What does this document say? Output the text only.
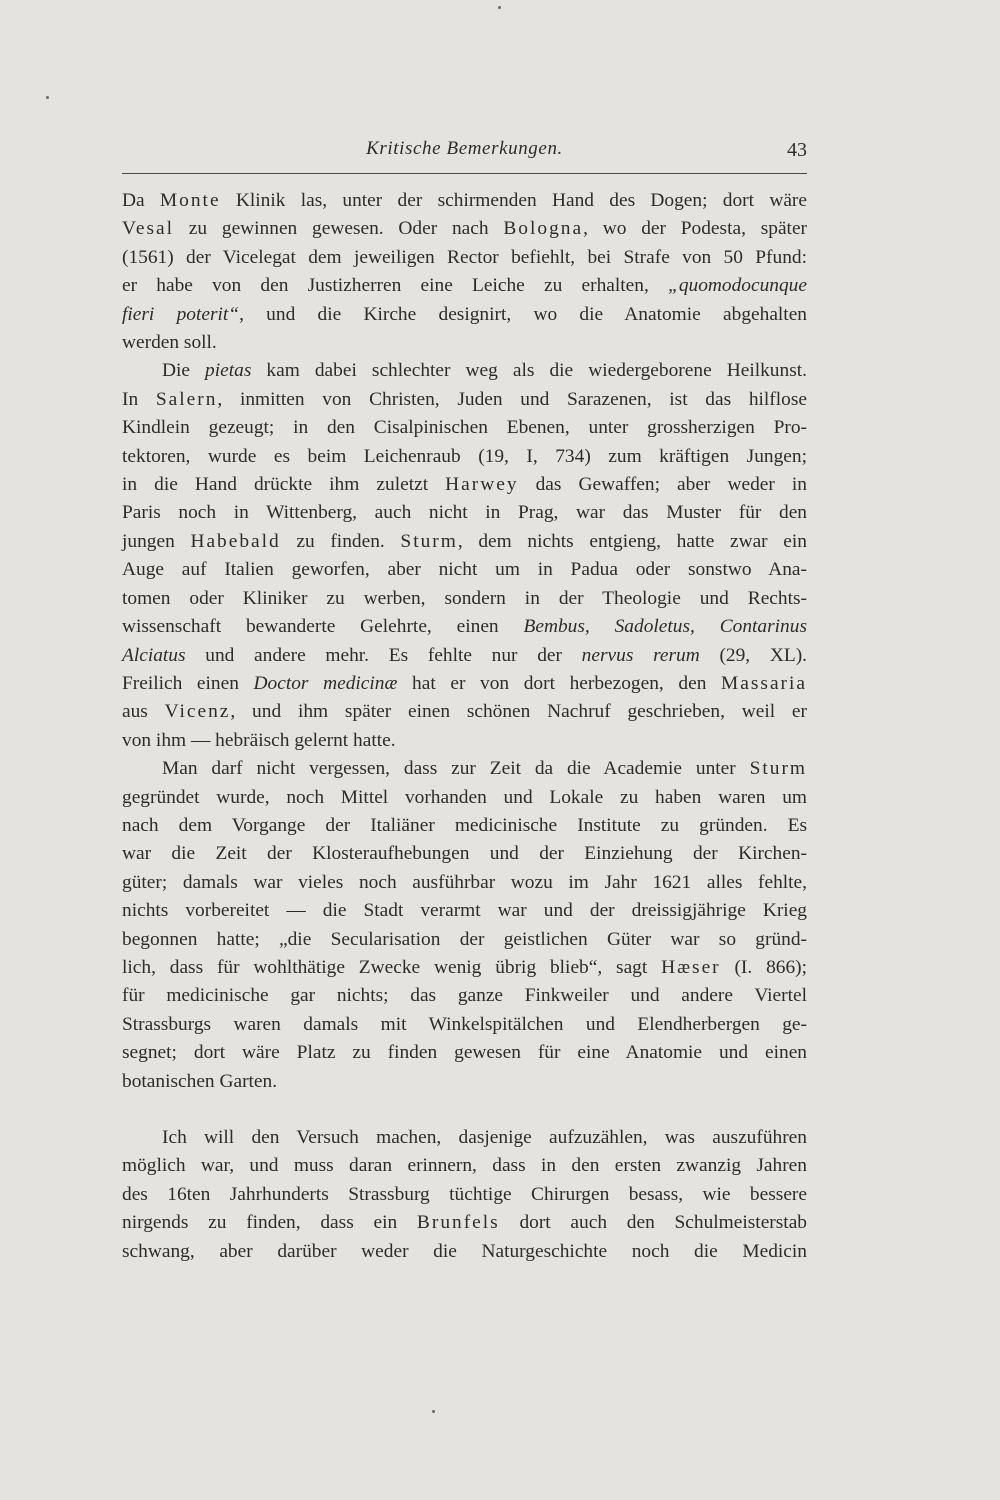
Kritische Bemerkungen.	43

Da Monte Klinik las, unter der schirmenden Hand des Dogen; dort wäre
Vesal zu gewinnen gewesen. Oder nach Bologna, wo der Podesta, später
(1561) der Vicelegat dem jeweiligen Rector befiehlt, bei Strafe von 50 Pfund:
er habe von den Justizherren eine Leiche zu erhalten, „quomodocunque
fieri poterit“, und die Kirche designirt, wo die Anatomie abgehalten
werden soll.

Die pietas kam dabei schlechter weg als die wiedergeborene Heilkunst.
In Salern, inmitten von Christen, Juden und Sarazenen, ist das hilflose
Kindlein gezeugt; in den Cisalpinischen Ebenen, unter grossherzigen Pro-
tektoren, wurde es beim Leichenraub (19, I, 734) zum kräftigen Jungen;
in die Hand drückte ihm zuletzt Harwey das Gewaffen; aber weder in
Paris noch in Wittenberg, auch nicht in Prag, war das Muster für den
jungen Habebald zu finden. Sturm, dem nichts entgieng, hatte zwar ein
Auge auf Italien geworfen, aber nicht um in Padua oder sonstwo Ana-
tomen oder Kliniker zu werben, sondern in der Theologie und Rechts-
wissenschaft bewanderte Gelehrte, einen Bembus, Sadoletus, Contarinus
Alciatus und andere mehr. Es fehlte nur der nervus rerum (29, XL).
Freilich einen Doctor medicinæ hat er von dort herbezogen, den Massaria
aus Vicenz, und ihm später einen schönen Nachruf geschrieben, weil er
von ihm — hebräisch gelernt hatte.

Man darf nicht vergessen, dass zur Zeit da die Academie unter Sturm
gegründet wurde, noch Mittel vorhanden und Lokale zu haben waren um
nach dem Vorgange der Italiäner medicinische Institute zu gründen. Es
war die Zeit der Klosteraufhebungen und der Einziehung der Kirchen-
güter; damals war vieles noch ausführbar wozu im Jahr 1621 alles fehlte,
nichts vorbereitet — die Stadt verarmt war und der dreissigjährige Krieg
begonnen hatte; „die Secularisation der geistlichen Güter war so gründ-
lich, dass für wohlthätige Zwecke wenig übrig blieb“, sagt Hæser (I. 866);
für medicinische gar nichts; das ganze Finkweiler und andere Viertel
Strassburgs waren damals mit Winkelspitälchen und Elendherbergen ge-
segnet; dort wäre Platz zu finden gewesen für eine Anatomie und einen
botanischen Garten.

Ich will den Versuch machen, dasjenige aufzuzählen, was auszuführen
möglich war, und muss daran erinnern, dass in den ersten zwanzig Jahren
des 16ten Jahrhunderts Strassburg tüchtige Chirurgen besass, wie bessere
nirgends zu finden, dass ein Brunfels dort auch den Schulmeisterstab
schwang, aber darüber weder die Naturgeschichte noch die Medicin
